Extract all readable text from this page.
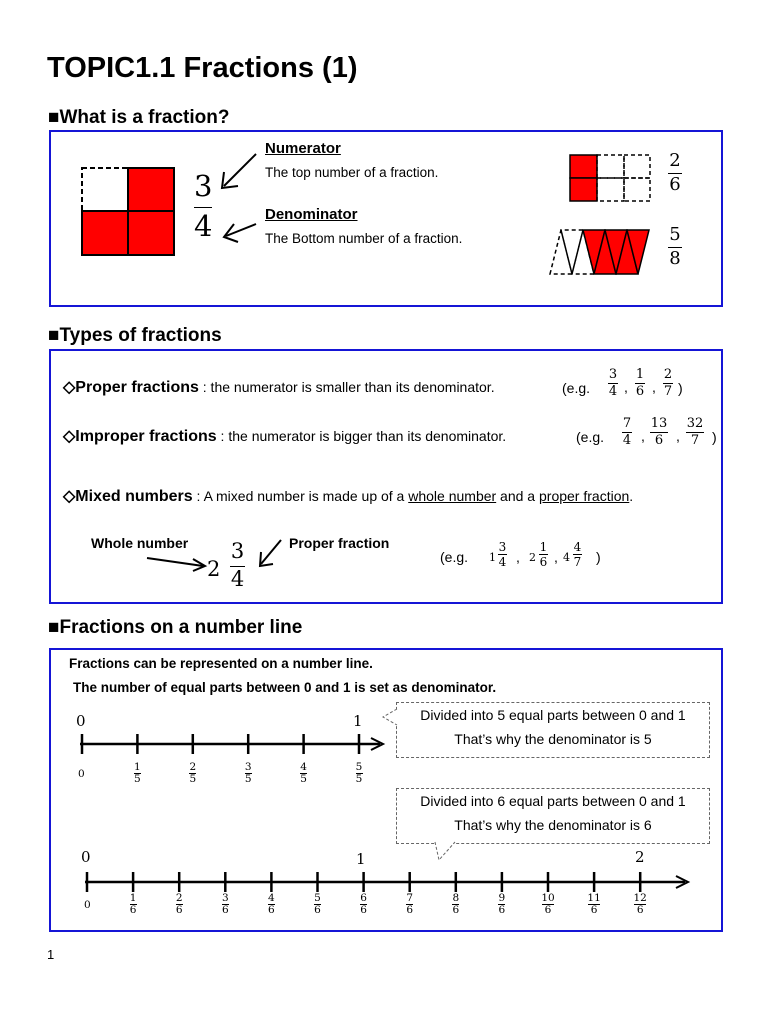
TOPIC1.1 Fractions (1)
■What is a fraction?
3
4
Numerator
The top number of a fraction.
Denominator
The Bottom number of a fraction.
2
6
5
8
■Types of fractions
◇Proper fractions : the numerator is smaller than its denominator.	(e.g.
3
4 ,
1
6 ,
2
7 )
◇Improper fractions : the numerator is bigger than its denominator.	(e.g.
7
4 ,
13
6 ,
32
7 )
◇Mixed numbers : A mixed number is made up of a whole number and a proper fraction.
Whole number	Proper fraction
2
3
4
(e.g. 1
3
4 , 2
1
6 , 4
4
7 )
■Fractions on a number line
Fractions can be represented on a number line.
The number of equal parts between 0 and 1 is set as denominator.
0	1
0
1
5
2
5
3
5
4
5
5
5
Divided into 5 equal parts between 0 and 1
That’s why the denominator is 5
Divided into 6 equal parts between 0 and 1
That’s why the denominator is 6
0	1	2
0
1
6
2
6
3
6
4
6
5
6
6
6
7
6
8
6
9
6
10
6
11
6
12
6
1
